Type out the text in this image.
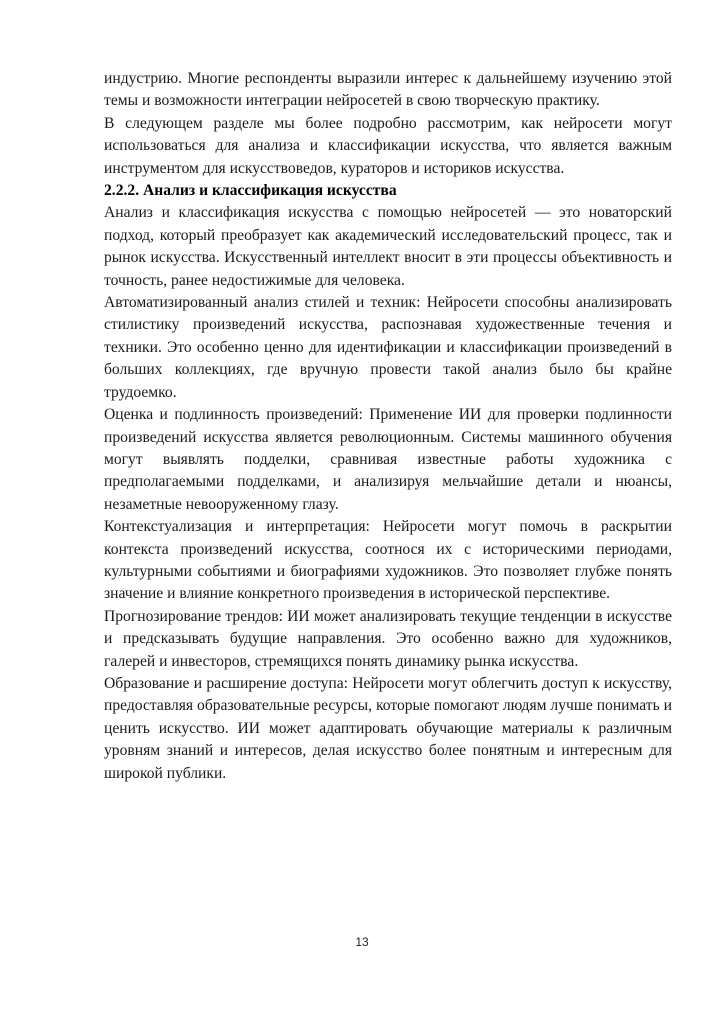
индустрию. Многие респонденты выразили интерес к дальнейшему изучению этой темы и возможности интеграции нейросетей в свою творческую практику.

В следующем разделе мы более подробно рассмотрим, как нейросети могут использоваться для анализа и классификации искусства, что является важным инструментом для искусствоведов, кураторов и историков искусства.

2.2.2. Анализ и классификация искусства

Анализ и классификация искусства с помощью нейросетей — это новаторский подход, который преобразует как академический исследовательский процесс, так и рынок искусства. Искусственный интеллект вносит в эти процессы объективность и точность, ранее недостижимые для человека.

Автоматизированный анализ стилей и техник: Нейросети способны анализировать стилистику произведений искусства, распознавая художественные течения и техники. Это особенно ценно для идентификации и классификации произведений в больших коллекциях, где вручную провести такой анализ было бы крайне трудоемко.

Оценка и подлинность произведений: Применение ИИ для проверки подлинности произведений искусства является революционным. Системы машинного обучения могут выявлять подделки, сравнивая известные работы художника с предполагаемыми подделками, и анализируя мельчайшие детали и нюансы, незаметные невооруженному глазу.

Контекстуализация и интерпретация: Нейросети могут помочь в раскрытии контекста произведений искусства, соотнося их с историческими периодами, культурными событиями и биографиями художников. Это позволяет глубже понять значение и влияние конкретного произведения в исторической перспективе.

Прогнозирование трендов: ИИ может анализировать текущие тенденции в искусстве и предсказывать будущие направления. Это особенно важно для художников, галерей и инвесторов, стремящихся понять динамику рынка искусства.

Образование и расширение доступа: Нейросети могут облегчить доступ к искусству, предоставляя образовательные ресурсы, которые помогают людям лучше понимать и ценить искусство. ИИ может адаптировать обучающие материалы к различным уровням знаний и интересов, делая искусство более понятным и интересным для широкой публики.

13
